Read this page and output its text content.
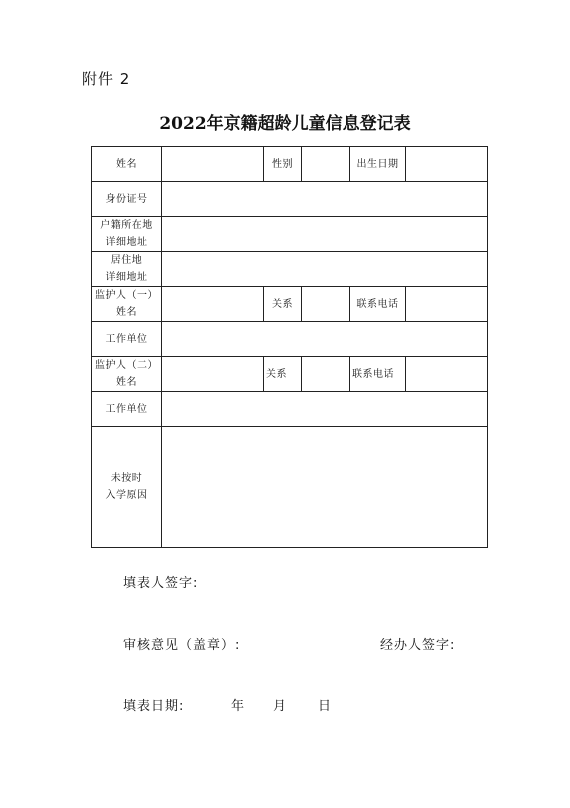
附件 2
2022年京籍超龄儿童信息登记表
姓名		性别		出生日期	
身份证号					

户籍所在地
详细地址					

居住地
详细地址					

监护人（一）
姓名		关系		联系电话	
工作单位					

监护人（二）
姓名		关系		联系电话	
工作单位					

未按时
入学原因					

填表人签字:
审核意见（盖章）:	经办人签字:
填表日期:	年 月 日
